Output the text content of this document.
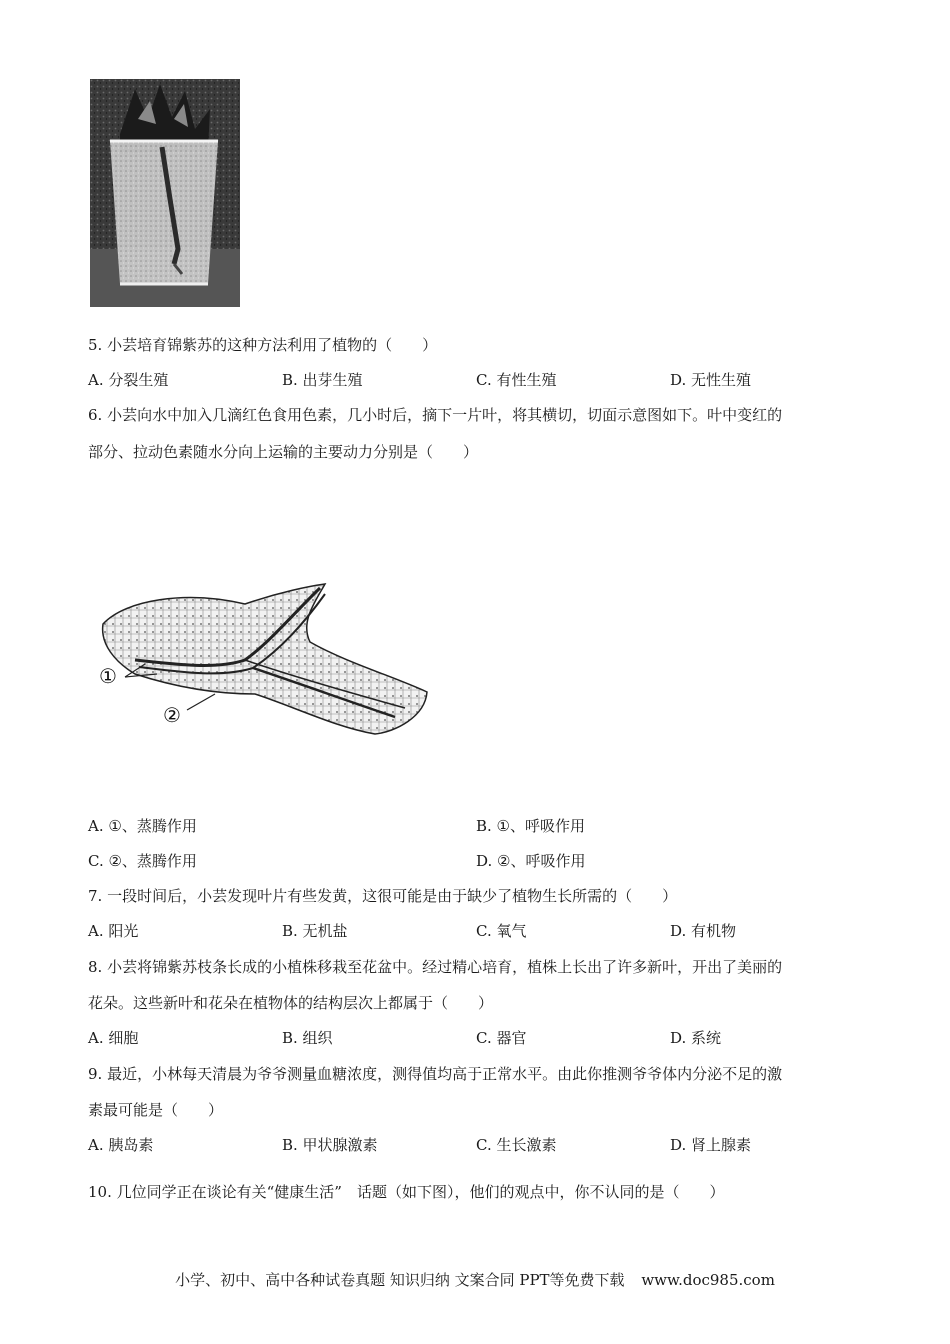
5. 小芸培育锦紫苏的这种方法利用了植物的（　　）
A. 分裂生殖	B. 出芽生殖	C. 有性生殖	D. 无性生殖
6. 小芸向水中加入几滴红色食用色素，几小时后，摘下一片叶，将其横切，切面示意图如下。叶中变红的
部分、拉动色素随水分向上运输的主要动力分别是（　　）
①
②
A. ①、蒸腾作用	B. ①、呼吸作用
C. ②、蒸腾作用	D. ②、呼吸作用
7. 一段时间后，小芸发现叶片有些发黄，这很可能是由于缺少了植物生长所需的（　　）
A. 阳光	B. 无机盐	C. 氧气	D. 有机物
8. 小芸将锦紫苏枝条长成的小植株移栽至花盆中。经过精心培育，植株上长出了许多新叶，开出了美丽的
花朵。这些新叶和花朵在植物体的结构层次上都属于（　　）
A. 细胞	B. 组织	C. 器官	D. 系统
9. 最近，小林每天清晨为爷爷测量血糖浓度，测得值均高于正常水平。由此你推测爷爷体内分泌不足的激
素最可能是（　　）
A. 胰岛素	B. 甲状腺激素	C. 生长激素	D. 肾上腺素
10. 几位同学正在谈论有关“健康生活”　话题（如下图），他们的观点中，你不认同的是（　　）
小学、初中、高中各种试卷真题 知识归纳 文案合同 PPT等免费下载 www.doc985.com
